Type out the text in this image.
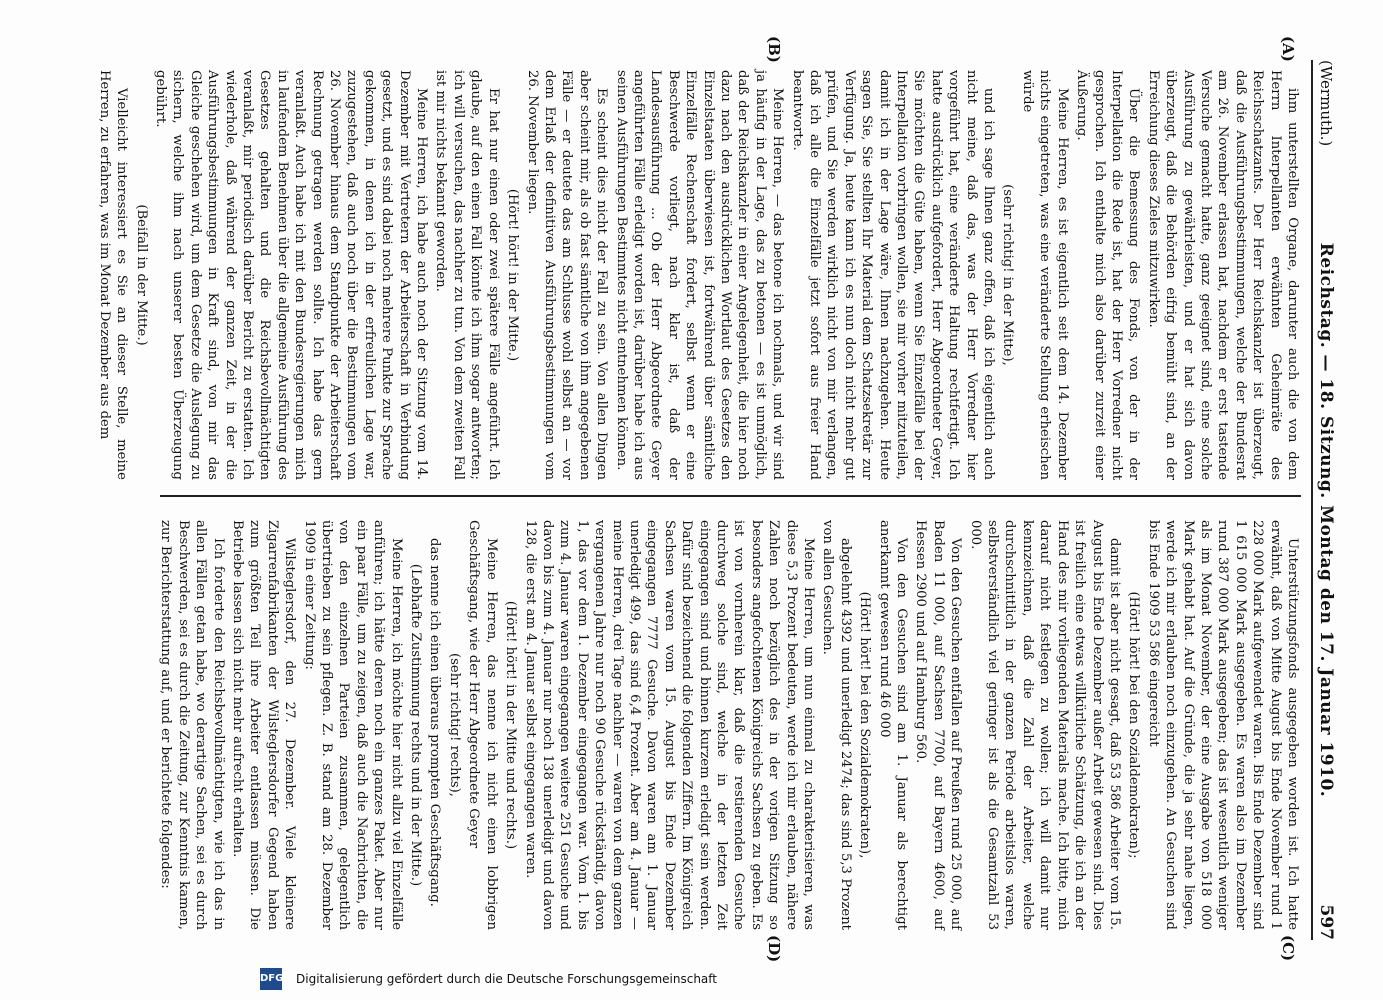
(Wermuth.)
Reichstag. — 18. Sitzung. Montag den 17. Januar 1910.
597
(A)
(B)
(C)
(D)

ihm unterstellten Organe, darunter auch die von dem Herrn Interpellanten erwähnten Geheimräte des Reichsschatzamts. Der Herr Reichskanzler ist überzeugt, daß die Ausführungsbestimmungen, welche der Bundesrat am 26. November erlassen hat, nachdem er erst tastende Versuche gemacht hatte, ganz geeignet sind, eine solche Ausführung zu gewährleisten, und er hat sich davon überzeugt, daß die Behörden eifrig bemüht sind, an der Erreichung dieses Zieles mitzuwirken.

Über die Bemessung des Fonds, von der in der Interpellation die Rede ist, hat der Herr Vorredner nicht gesprochen. Ich enthalte mich also darüber zurzeit einer Äußerung.

Meine Herren, es ist eigentlich seit dem 14. Dezember nichts eingetreten, was eine veränderte Stellung erheischen würde

(sehr richtig! in der Mitte),

und ich sage Ihnen ganz offen, daß ich eigentlich auch nicht meine, daß das, was der Herr Vorredner hier vorgeführt hat, eine veränderte Haltung rechtfertigt. Ich hatte ausdrücklich aufgefordert, Herr Abgeordneter Geyer, Sie möchten die Güte haben, wenn Sie Einzelfälle bei der Interpellation vorbringen wollen, sie mir vorher mitzuteilen, damit ich in der Lage wäre, Ihnen nachzugehen. Heute sagen Sie, Sie stellten Ihr Material dem Schatzsekretär zur Verfügung. Ja, heute kann ich es nun doch nicht mehr gut prüfen, und Sie werden wirklich nicht von mir verlangen, daß ich alle die Einzelfälle jetzt sofort aus freier Hand beantworte.

Meine Herren, — das betone ich nochmals, und wir sind ja häufig in der Lage, das zu betonen — es ist unmöglich, daß der Reichskanzler in einer Angelegenheit, die hier noch dazu nach den ausdrücklichen Wortlaut des Gesetzes den Einzelstaaten überwiesen ist, fortwährend über sämtliche Einzelfälle Rechenschaft fordert, selbst wenn er eine Beschwerde vorliegt, nach klar ist, daß der Landesausführung ... Ob der Herr Abgeordnete Geyer angeführten Fälle erledigt worden ist, darüber habe ich aus seinen Ausführungen Bestimmtes nicht entnehmen können.

Es scheint dies nicht der Fall zu sein. Von allen Dingen aber scheint mir, als ob fast sämtliche von ihm angegebenen Fälle — er deutete das am Schlusse wohl selbst an — vor dem Erlaß der definitiven Ausführungsbestimmungen vom 26. November liegen.

(Hört! hört! in der Mitte.)

Er hat nur einen oder zwei spätere Fälle angeführt. Ich glaube, auf den einen Fall könnte ich ihm sogar antworten; ich will versuchen, das nachher zu tun. Von dem zweiten Fall ist mir nichts bekannt geworden.

Meine Herren, ich habe auch noch der Sitzung vom 14. Dezember mit Vertretern der Arbeiterschaft in Verbindung gesetzt, und es sind dabei noch mehrere Punkte zur Sprache gekommen, in denen ich in der erfreulichen Lage war, zuzugestehen, daß auch noch über die Bestimmungen vom 26. November hinaus dem Standpunkte der Arbeiterschaft Rechnung getragen werden sollte. Ich habe das gern veranlaßt. Auch habe ich mit den Bundesregierungen mich in laufendem Benehmen über die allgemeine Ausführung des Gesetzes gehalten und die Reichsbevollmächtigten veranlaßt, mir periodisch darüber Bericht zu erstatten. Ich wiederhole, daß während der ganzen Zeit, in der die Ausführungsbestimmungen in Kraft sind, von mir das Gleiche geschehen wird, um dem Gesetze die Auslegung zu sichern, welche ihm nach unserer besten Überzeugung gebührt.

(Beifall in der Mitte.)

Vielleicht interessiert es Sie an dieser Stelle, meine Herren, zu erfahren, was im Monat Dezember aus dem

Unterstützungsfonds ausgegeben worden ist. Ich hatte erwähnt, daß von Mitte August bis Ende November rund 1 228 000 Mark aufgewendet waren. Bis Ende Dezember sind 1 615 000 Mark ausgegeben. Es waren also im Dezember rund 387 000 Mark ausgegeben; das ist wesentlich weniger als im Monat November, der eine Ausgabe von 518 000 Mark gehabt hat. Auf die Gründe, die ja sehr nahe liegen, werde ich mir erlauben noch einzugehen. An Gesuchen sind bis Ende 1909 53 586 eingereicht

(Hört! hört! bei den Sozialdemokraten);

damit ist aber nicht gesagt, daß 53 586 Arbeiter vom 15. August bis Ende Dezember außer Arbeit gewesen sind. Dies ist freilich eine etwas willkürliche Schätzung, die ich an der Hand des mir vorliegenden Materials mache. Ich bitte, mich darauf nicht festlegen zu wollen; ich will damit nur kennzeichnen, daß die Zahl der Arbeiter, welche durchschnittlich in der ganzen Periode arbeitslos waren, selbstverständlich viel geringer ist als die Gesamtzahl 53 000.

Von den Gesuchen entfallen auf Preußen rund 25 000, auf Baden 11 000, auf Sachsen 7700, auf Bayern 4600, auf Hessen 2900 und auf Hamburg 560.

Von den Gesuchen sind am 1. Januar als berechtigt anerkannt gewesen rund 46 000

(Hört! hört! bei den Sozialdemokraten),

abgelehnt 4392 und unerledigt 2474; das sind 5,3 Prozent von allen Gesuchen.

Meine Herren, um nun einmal zu charakterisieren, was diese 5,3 Prozent bedeuten, werde ich mir erlauben, nähere Zahlen noch bezüglich des in der vorigen Sitzung so besonders angefochtenen Königreichs Sachsen zu geben. Es ist von vornherein klar, daß die restierenden Gesuche durchweg solche sind, welche in der letzten Zeit eingegangen sind und binnen kurzem erledigt sein werden. Dafür sind bezeichnend die folgenden Ziffern. Im Königreich Sachsen waren vom 15. August bis Ende Dezember eingegangen 7777 Gesuche. Davon waren am 1. Januar unerledigt 499, das sind 6,4 Prozent. Aber am 4. Januar — meine Herren, drei Tage nachher — waren von dem ganzen vergangenen Jahre nur noch 90 Gesuche rückständig, davon 1, das vor dem 1. Dezember eingegangen war. Vom 1. bis zum 4. Januar waren eingegangen weitere 251 Gesuche und davon bis zum 4. Januar nur noch 138 unerledigt und davon 128, die erst am 4. Januar selbst eingegangen waren.

(Hört! hört! in der Mitte und rechts.)

Meine Herren, das nenne ich nicht einen lobbrigen Geschäftsgang, wie der Herr Abgeordnete Geyer

(sehr richtig! rechts),

das nenne ich einen überaus prompten Geschäftsgang.

(Lebhafte Zustimmung rechts und in der Mitte.)

Meine Herren, ich möchte hier nicht allzu viel Einzelfälle anführen; ich hätte deren noch ein ganzes Paket. Aber nur ein paar Fälle, um zu zeigen, daß auch die Nachrichten, die von den einzelnen Parteien zusammen, gelegentlich übertrieben zu sein pflegen. Z. B. stand am 28. Dezember 1909 in einer Zeitung:

Wilsteglersdorf, den 27. Dezember. Viele kleinere Zigarrenfabrikanten der Wilsteglersdorfer Gegend haben zum größten Teil ihre Arbeiter entlassen müssen. Die Betriebe lassen sich nicht mehr aufrecht erhalten.

Ich forderte den Reichsbevollmächtigten, wie ich das in allen Fällen getan habe, wo derartige Sachen, sei es durch Beschwerden, sei es durch die Zeitung, zur Kenntnis kamen, zur Berichterstattung auf, und er berichtete folgendes:

DFG Digitalisierung gefördert durch die Deutsche Forschungsgemeinschaft
